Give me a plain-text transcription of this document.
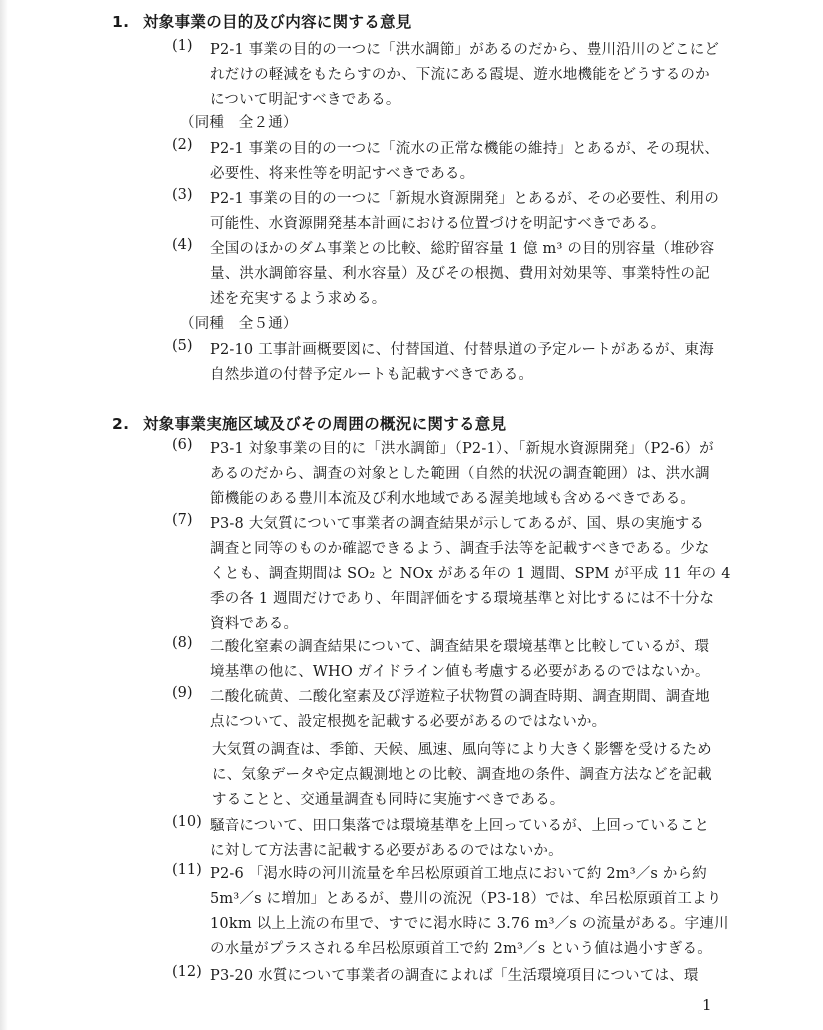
1. 対象事業の目的及び内容に関する意見
(1) P2-1 事業の目的の一つに「洪水調節」があるのだから、豊川沿川のどこにど
れだけの軽減をもたらすのか、下流にある霞堤、遊水地機能をどうするのか
について明記すべきである。
（同種　全２通）
(2) P2-1 事業の目的の一つに「流水の正常な機能の維持」とあるが、その現状、
必要性、将来性等を明記すべきである。
(3) P2-1 事業の目的の一つに「新規水資源開発」とあるが、その必要性、利用の
可能性、水資源開発基本計画における位置づけを明記すべきである。
(4) 全国のほかのダム事業との比較、総貯留容量 1 億 m³ の目的別容量（堆砂容
量、洪水調節容量、利水容量）及びその根拠、費用対効果等、事業特性の記
述を充実するよう求める。
（同種　全５通）
(5) P2-10 工事計画概要図に、付替国道、付替県道の予定ルートがあるが、東海
自然歩道の付替予定ルートも記載すべきである。
2. 対象事業実施区域及びその周囲の概況に関する意見
(6) P3-1 対象事業の目的に「洪水調節」（P2-1）、「新規水資源開発」（P2-6）が
あるのだから、調査の対象とした範囲（自然的状況の調査範囲）は、洪水調
節機能のある豊川本流及び利水地域である渥美地域も含めるべきである。
(7) P3-8 大気質について事業者の調査結果が示してあるが、国、県の実施する
調査と同等のものか確認できるよう、調査手法等を記載すべきである。少な
くとも、調査期間は SO₂ と NOx がある年の 1 週間、SPM が平成 11 年の 4
季の各 1 週間だけであり、年間評価をする環境基準と対比するには不十分な
資料である。
(8) 二酸化窒素の調査結果について、調査結果を環境基準と比較しているが、環
境基準の他に、WHO ガイドライン値も考慮する必要があるのではないか。
(9) 二酸化硫黄、二酸化窒素及び浮遊粒子状物質の調査時期、調査期間、調査地
点について、設定根拠を記載する必要があるのではないか。
大気質の調査は、季節、天候、風速、風向等により大きく影響を受けるため
に、気象データや定点観測地との比較、調査地の条件、調査方法などを記載
することと、交通量調査も同時に実施すべきである。
(10) 騒音について、田口集落では環境基準を上回っているが、上回っていること
に対して方法書に記載する必要があるのではないか。
(11) P2-6 「渇水時の河川流量を牟呂松原頭首工地点において約 2m³／s から約
5m³／s に増加」とあるが、豊川の流況（P3-18）では、牟呂松原頭首工より
10km 以上上流の布里で、すでに渇水時に 3.76 m³／s の流量がある。宇連川
の水量がプラスされる牟呂松原頭首工で約 2m³／s という値は過小すぎる。
(12) P3-20 水質について事業者の調査によれば「生活環境項目については、環
1
